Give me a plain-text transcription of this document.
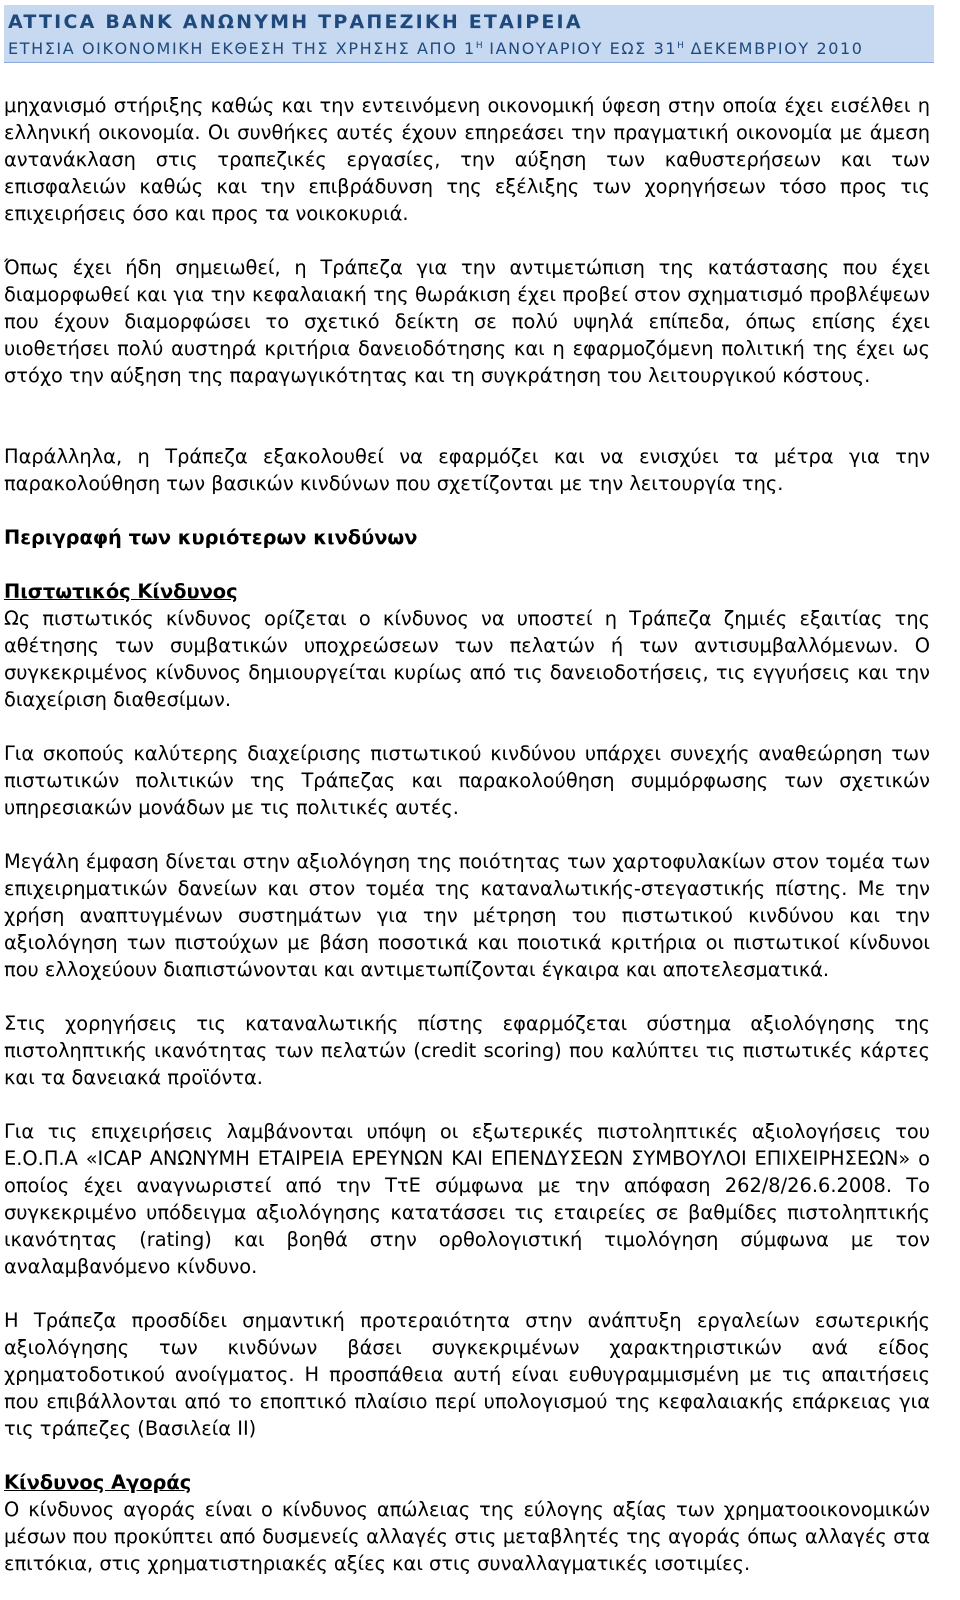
ATTICA BANK ΑΝΩΝΥΜΗ ΤΡΑΠΕΖΙΚΗ ΕΤΑΙΡΕΙΑ
ΕΤΗΣΙΑ ΟΙΚΟΝΟΜΙΚΗ ΕΚΘΕΣΗ ΤΗΣ ΧΡΗΣΗΣ ΑΠΟ $1^H$ ΙΑΝΟΥΑΡΙΟΥ ΕΩΣ $31^H$ ΔΕΚΕΜΒΡΙΟΥ 2010

μηχανισμό στήριξης καθώς και την εντεινόμενη οικονομική ύφεση στην οποία έχει εισέλθει η ελληνική οικονομία. Οι συνθήκες αυτές έχουν επηρεάσει την πραγματική οικονομία με άμεση αντανάκλαση στις τραπεζικές εργασίες, την αύξηση των καθυστερήσεων και των επισφαλειών καθώς και την επιβράδυνση της εξέλιξης των χορηγήσεων τόσο προς τις επιχειρήσεις όσο και προς τα νοικοκυριά.

Όπως έχει ήδη σημειωθεί, η Τράπεζα για την αντιμετώπιση της κατάστασης που έχει διαμορφωθεί και για την κεφαλαιακή της θωράκιση έχει προβεί στον σχηματισμό προβλέψεων που έχουν διαμορφώσει το σχετικό δείκτη σε πολύ υψηλά επίπεδα, όπως επίσης έχει υιοθετήσει πολύ αυστηρά κριτήρια δανειοδότησης και η εφαρμοζόμενη πολιτική της έχει ως στόχο την αύξηση της παραγωγικότητας και τη συγκράτηση του λειτουργικού κόστους.

Παράλληλα, η Τράπεζα εξακολουθεί να εφαρμόζει και να ενισχύει τα μέτρα για την παρακολούθηση των βασικών κινδύνων που σχετίζονται με την λειτουργία της.

Περιγραφή των κυριότερων κινδύνων

Πιστωτικός Κίνδυνος

Ως πιστωτικός κίνδυνος ορίζεται ο κίνδυνος να υποστεί η Τράπεζα ζημιές εξαιτίας της αθέτησης των συμβατικών υποχρεώσεων των πελατών ή των αντισυμβαλλόμενων. Ο συγκεκριμένος κίνδυνος δημιουργείται κυρίως από τις δανειοδοτήσεις, τις εγγυήσεις και την διαχείριση διαθεσίμων.

Για σκοπούς καλύτερης διαχείρισης πιστωτικού κινδύνου υπάρχει συνεχής αναθεώρηση των πιστωτικών πολιτικών της Τράπεζας και παρακολούθηση συμμόρφωσης των σχετικών υπηρεσιακών μονάδων με τις πολιτικές αυτές.

Μεγάλη έμφαση δίνεται στην αξιολόγηση της ποιότητας των χαρτοφυλακίων στον τομέα των επιχειρηματικών δανείων και στον τομέα της καταναλωτικής-στεγαστικής πίστης. Με την χρήση αναπτυγμένων συστημάτων για την μέτρηση του πιστωτικού κινδύνου και την αξιολόγηση των πιστούχων με βάση ποσοτικά και ποιοτικά κριτήρια οι πιστωτικοί κίνδυνοι που ελλοχεύουν διαπιστώνονται και αντιμετωπίζονται έγκαιρα και αποτελεσματικά.

Στις χορηγήσεις τις καταναλωτικής πίστης εφαρμόζεται σύστημα αξιολόγησης της πιστοληπτικής ικανότητας των πελατών (credit scoring) που καλύπτει τις πιστωτικές κάρτες και τα δανειακά προϊόντα.

Για τις επιχειρήσεις λαμβάνονται υπόψη οι εξωτερικές πιστοληπτικές αξιολογήσεις του Ε.Ο.Π.Α «ICAP ΑΝΩΝΥΜΗ ΕΤΑΙΡΕΙΑ ΕΡΕΥΝΩΝ ΚΑΙ ΕΠΕΝΔΥΣΕΩΝ ΣΥΜΒΟΥΛΟΙ ΕΠΙΧΕΙΡΗΣΕΩΝ» ο οποίος έχει αναγνωριστεί από την ΤτΕ σύμφωνα με την απόφαση 262/8/26.6.2008. Το συγκεκριμένο υπόδειγμα αξιολόγησης κατατάσσει τις εταιρείες σε βαθμίδες πιστοληπτικής ικανότητας (rating) και βοηθά στην ορθολογιστική τιμολόγηση σύμφωνα με τον αναλαμβανόμενο κίνδυνο.

Η Τράπεζα προσδίδει σημαντική προτεραιότητα στην ανάπτυξη εργαλείων εσωτερικής αξιολόγησης των κινδύνων βάσει συγκεκριμένων χαρακτηριστικών ανά είδος χρηματοδοτικού ανοίγματος. Η προσπάθεια αυτή είναι ευθυγραμμισμένη με τις απαιτήσεις που επιβάλλονται από το εποπτικό πλαίσιο περί υπολογισμού της κεφαλαιακής επάρκειας για τις τράπεζες (Βασιλεία ΙΙ)

Κίνδυνος Αγοράς

Ο κίνδυνος αγοράς είναι ο κίνδυνος απώλειας της εύλογης αξίας των χρηματοοικονομικών μέσων που προκύπτει από δυσμενείς αλλαγές στις μεταβλητές της αγοράς όπως αλλαγές στα επιτόκια, στις χρηματιστηριακές αξίες και στις συναλλαγματικές ισοτιμίες.
